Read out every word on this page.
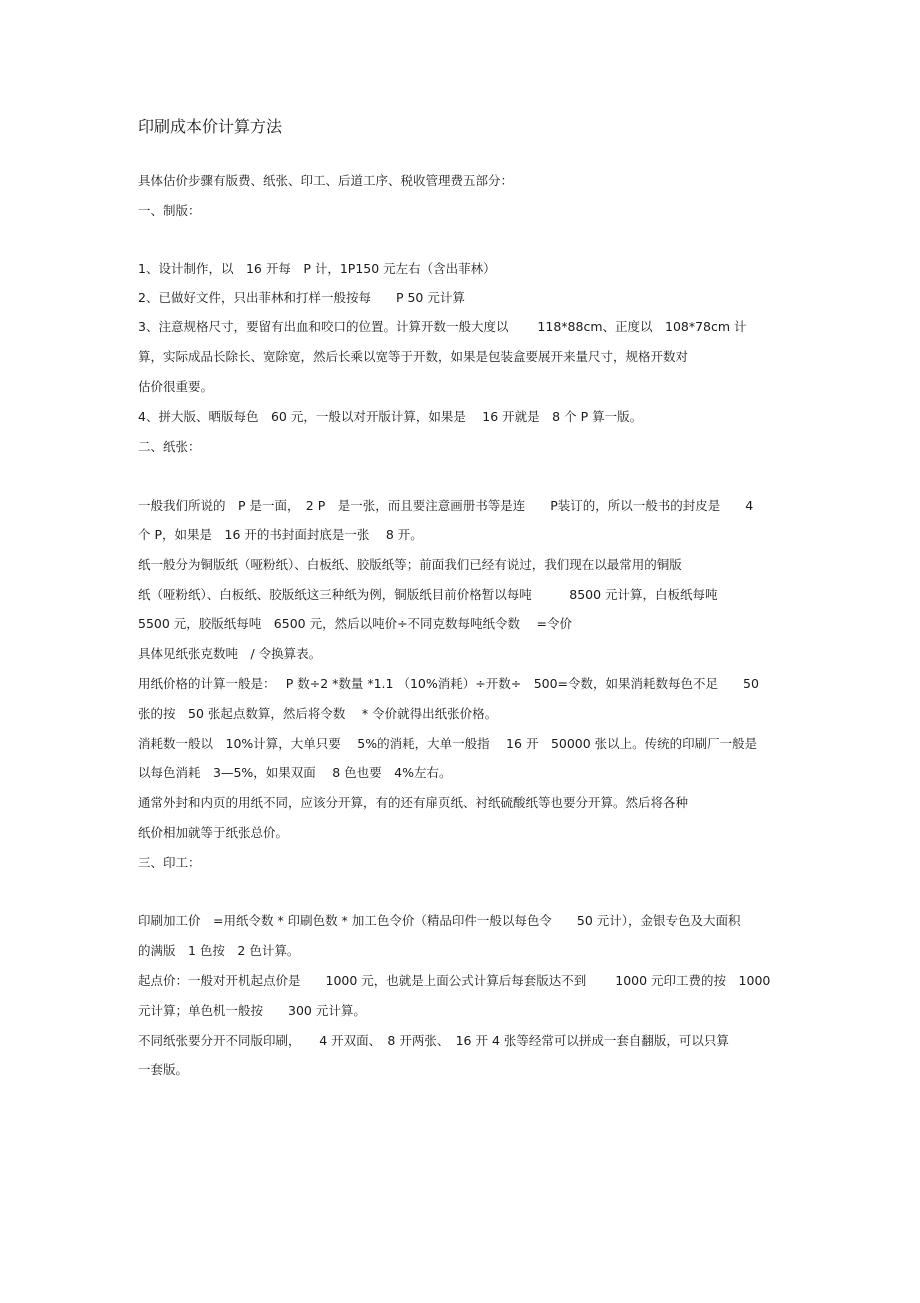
印刷成本价计算方法
具体估价步骤有版费、纸张、印工、后道工序、税收管理费五部分：
一、制版：
1、设计制作，以　16 开每　P 计，1P150 元左右（含出菲林）
2、已做好文件，只出菲林和打样一般按每　　P 50 元计算
3、注意规格尺寸，要留有出血和咬口的位置。计算开数一般大度以　　 118*88cm、正度以　108*78cm 计
算，实际成品长除长、宽除宽，然后长乘以宽等于开数，如果是包装盒要展开来量尺寸，规格开数对
估价很重要。
4、拼大版、晒版每色　60 元，一般以对开版计算，如果是　 16 开就是　8 个 P 算一版。
二、纸张：
一般我们所说的　P 是一面，　2 P　是一张，而且要注意画册书等是连　　P装订的，所以一般书的封皮是　　4
个 P，如果是　16 开的书封面封底是一张　 8 开。
纸一般分为铜版纸（哑粉纸）、白板纸、胶版纸等；前面我们已经有说过，我们现在以最常用的铜版
纸（哑粉纸）、白板纸、胶版纸这三种纸为例，铜版纸目前价格暂以每吨　　　8500 元计算，白板纸每吨
5500 元，胶版纸每吨　6500 元，然后以吨价÷不同克数每吨纸令数　 =令价
具体见纸张克数吨　/ 令换算表。
用纸价格的计算一般是：　 P 数÷2 *数量 *1.1 （10%消耗）÷开数÷　500=令数，如果消耗数每色不足　　50
张的按　50 张起点数算，然后将令数　 * 令价就得出纸张价格。
消耗数一般以　10%计算，大单只要　 5%的消耗，大单一般指　 16 开　50000 张以上。传统的印刷厂一般是
以每色消耗　3—5%，如果双面　 8 色也要　4%左右。
通常外封和内页的用纸不同，应该分开算，有的还有扉页纸、衬纸硫酸纸等也要分开算。然后将各种
纸价相加就等于纸张总价。
三、印工：
印刷加工价　=用纸令数 * 印刷色数 * 加工色令价（精品印件一般以每色令　　50 元计），金银专色及大面积
的满版　1 色按　2 色计算。
起点价：一般对开机起点价是　　1000 元，也就是上面公式计算后每套版达不到　　 1000 元印工费的按　1000
元计算；单色机一般按　　300 元计算。
不同纸张要分开不同版印刷，　　4 开双面、　8 开两张、　16 开 4 张等经常可以拼成一套自翻版，可以只算
一套版。
